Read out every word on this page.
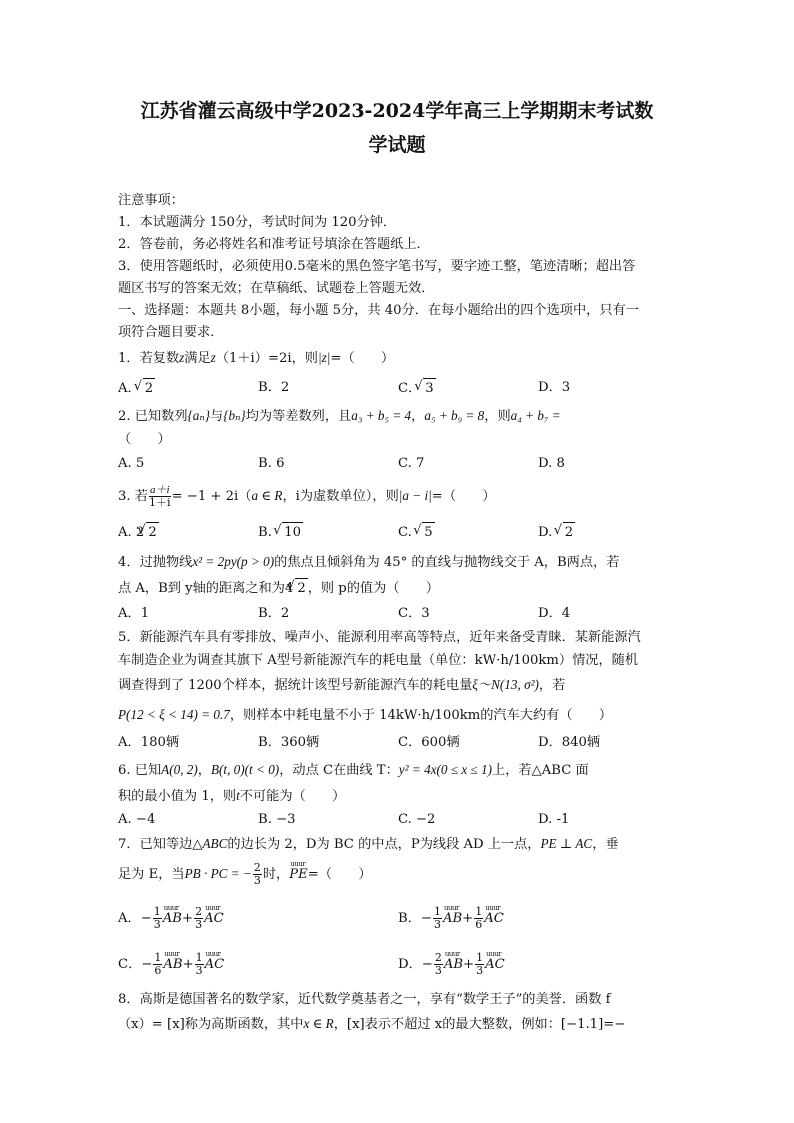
江苏省灌云高级中学2023-2024学年高三上学期期末考试数
学试题
注意事项：
1．本试题满分 150分，考试时间为 120分钟．
2．答卷前，务必将姓名和准考证号填涂在答题纸上．
3．使用答题纸时，必须使用0.5毫米的黑色签字笔书写，要字迹工整，笔迹清晰；超出答
题区书写的答案无效；在草稿纸、试题卷上答题无效．
一、选择题：本题共 8小题，每小题 5分，共 40分．在每小题给出的四个选项中，只有一
项符合题目要求．
1．若复数z满足z（1＋i）=2i，则|z|=（　　）
A． √ 2	B．2	C． √ 3	D．3
2. 已知数列{aₙ}与{bₙ}均为等差数列，且a₃ + b₅ = 4，a₅ + b₉ = 8，则a₄ + b₇ =
（　　）
A. 5	B. 6	C. 7	D. 8
3. 若 $\frac{a+i}{1+i} = -1 + 2i(a$ ∈ R，i为虚数单位），则|a − i|=（　　）
A. 2 √ 2	B. √ 10	C. √ 5	D. √ 2
4．过抛物线x² = 2py(p > 0)的焦点且倾斜角为 45° 的直线与抛物线交于 A，B两点，若
点 A，B到 y轴的距离之和为4 √ 2 ，则 p的值为（　　）
A．1	B．2	C．3	D．4
5．新能源汽车具有零排放、噪声小、能源利用率高等特点，近年来备受青睐．某新能源汽
车制造企业为调查其旗下 A型号新能源汽车的耗电量（单位：kW·h/100km）情况，随机
调查得到了 1200个样本，据统计该型号新能源汽车的耗电量ξ～N(13, σ²)，若
P(12 < ξ < 14) = 0.7，则样本中耗电量不小于 14kW·h/100km的汽车大约有（　　）
A．180辆	B．360辆	C．600辆	D．840辆
6. 已知A(0, 2)，B(t, 0)(t < 0)，动点 C在曲线 T：y² = 4x(0 ≤ x ≤ 1)上，若△ABC 面
积的最小值为 1，则t不可能为（　　）
A. −4	B. −3	C. −2	D. -1
7．已知等边△ABC的边长为 2，D为 BC 的中点，P为线段 AD 上一点，PE ⊥ AC，垂
足为 E，当PB · PC = − $\frac{2}{3}$ 时，uuur PE=（　　）
A．− $\frac{1}{3}$ uuur $AB+ \frac{2}{3}$ uuur AC	B．− $\frac{1}{3}$ uuur $AB+ \frac{1}{6}$ uuur AC
C．− $\frac{1}{6}$ uuur $AB+ \frac{1}{3}$ uuur AC	D．− $\frac{2}{3}$ uuur $AB+ \frac{1}{3}$ uuur AC
8．高斯是德国著名的数学家，近代数学奠基者之一，享有“数学王子”的美誉．函数 f
（x）= [x]称为高斯函数，其中x ∈ R，[x]表示不超过 x的最大整数，例如：[−1.1]=−
